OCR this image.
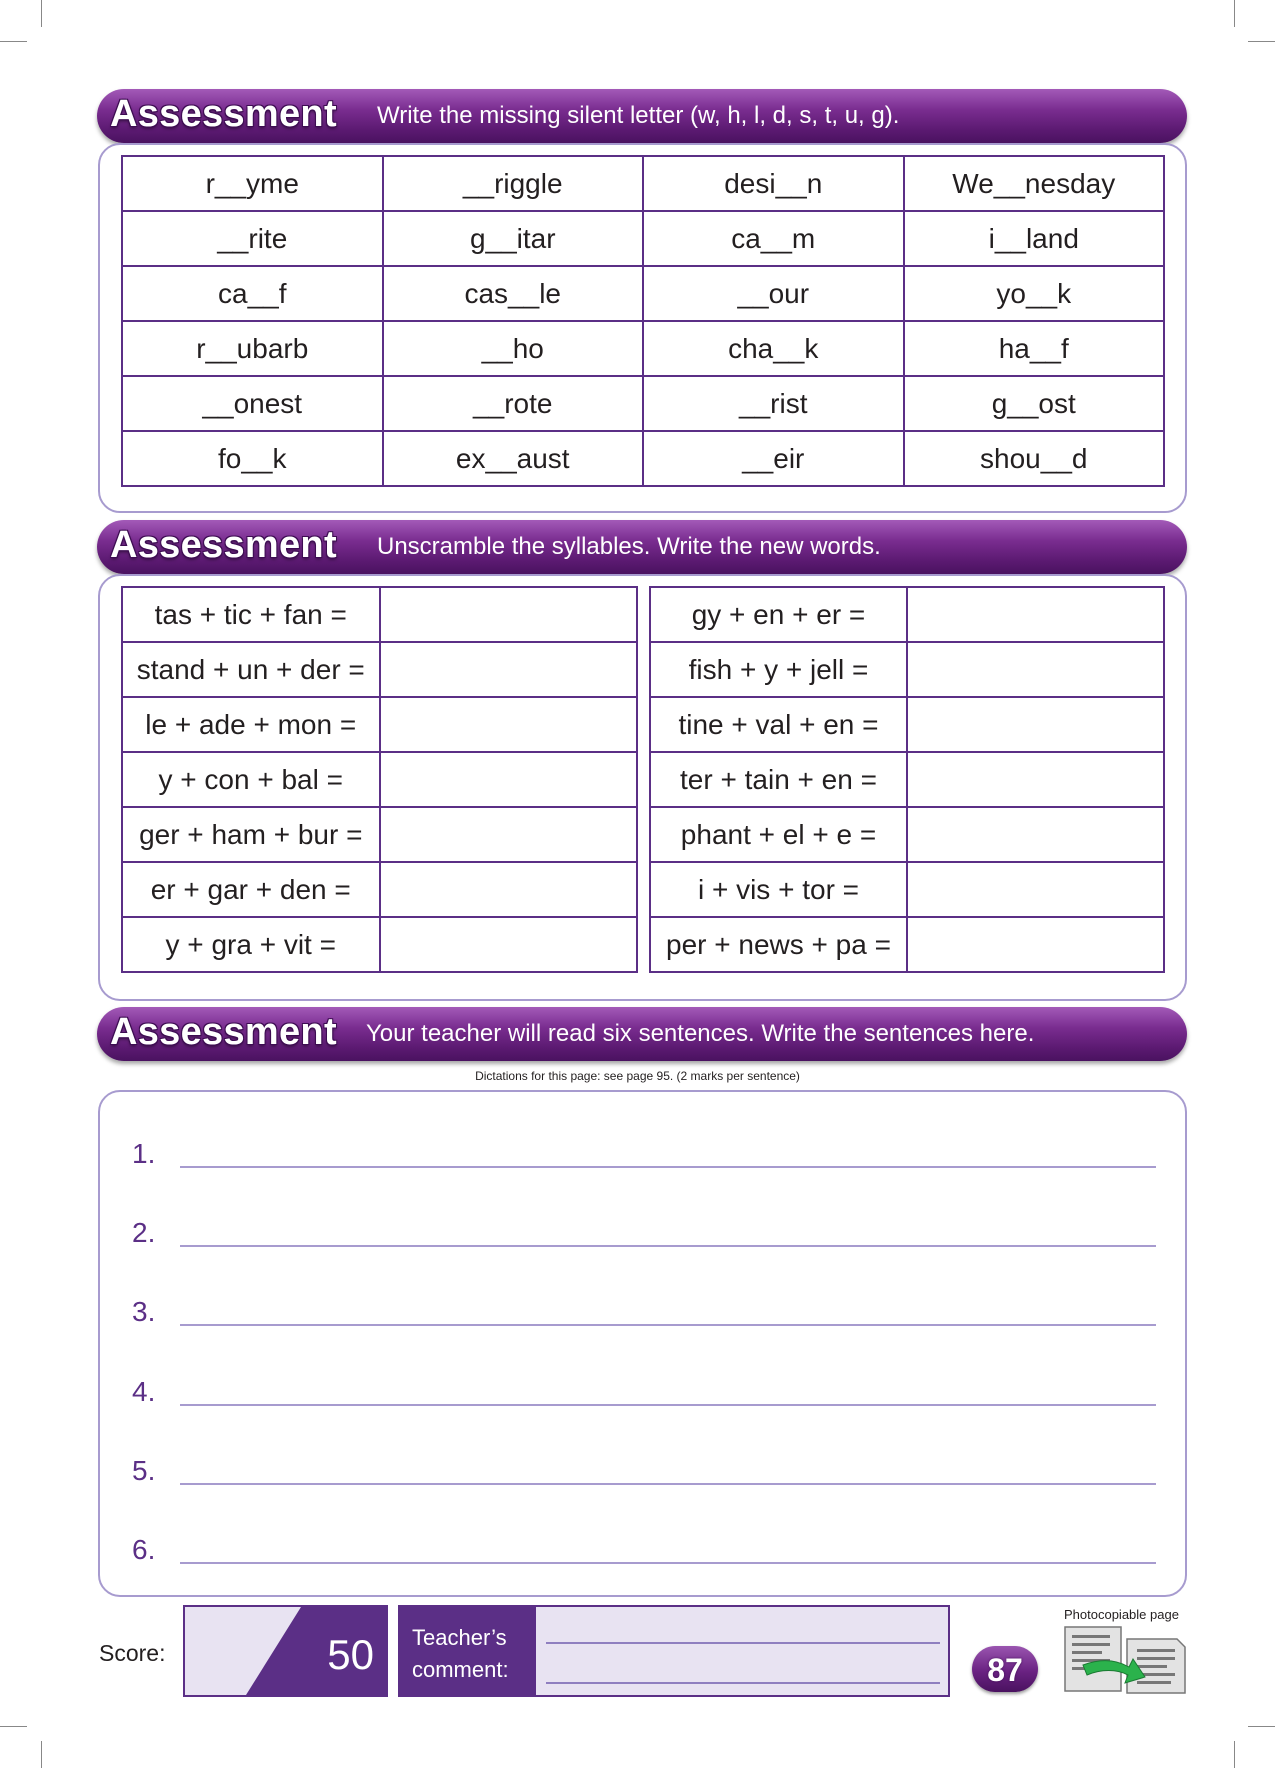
Assessment Write the missing silent letter (w, h, l, d, s, t, u, g).
r__yme	__riggle	desi__n	We__nesday
__rite	g__itar	ca__m	i__land
ca__f	cas__le	__our	yo__k
r__ubarb	__ho	cha__k	ha__f
__onest	__rote	__rist	g__ost
fo__k	ex__aust	__eir	shou__d
Assessment Unscramble the syllables. Write the new words.
tas + tic + fan =	
stand + un + der =	
le + ade + mon =	
y + con + bal =	
ger + ham + bur =	
er + gar + den =	
y + gra + vit =	
gy + en + er =	
fish + y + jell =	
tine + val + en =	
ter + tain + en =	
phant + el + e =	
i + vis + tor =	
per + news + pa =	
Assessment Your teacher will read six sentences. Write the sentences here.
Dictations for this page: see page 95. (2 marks per sentence)
1.
2.
3.
4.
5.
6.
Score:	50 Teacher’s
comment:	87
Photocopiable page
